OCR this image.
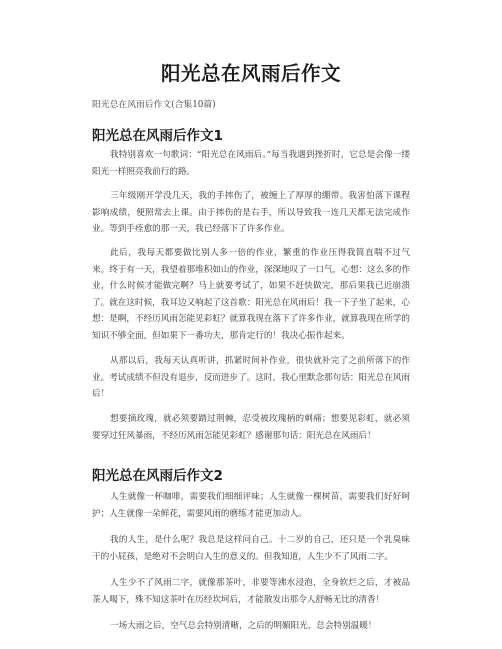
阳光总在风雨后作文
阳光总在风雨后作文(合集10篇)
阳光总在风雨后作文1

我特别喜欢一句歌词：“阳光总在风雨后。”每当我遇到挫折时，它总是会像一缕阳光一样照亮我前行的路。

三年级刚开学没几天，我的手摔伤了，被缠上了厚厚的绷带。我害怕落下课程影响成绩，便照常去上课。由于摔伤的是右手，所以导致我一连几天都无法完成作业。等到手痊愈的那一天，我已经落下了许多作业。

此后，我每天都要做比别人多一倍的作业，繁重的作业压得我简直喘不过气来。终于有一天，我望着那堆积如山的作业，深深地叹了一口气，心想：这么多的作业，什么时候才能做完啊？马上就要考试了，如果不赶快做完，那后果我已近崩溃了。就在这时候，我耳边又响起了这首歌：阳光总在风雨后！我一下子坐了起来，心想：是啊，不经历风雨怎能见彩虹？就算我现在落下了许多作业，就算我现在所学的知识不够全面，但如果下一番功夫，那肯定行的！我决心振作起来。

从那以后，我每天认真听讲，抓紧时间补作业，很快就补完了之前所落下的作业。考试成绩不但没有退步，反而进步了。这时，我心里默念那句话：阳光总在风雨后！

想要摘玫瑰，就必须要踏过荆棘，忍受被玫瑰柄的刺痛；想要见彩虹，就必须要穿过狂风暴雨，不经历风雨怎能见彩虹？感谢那句话：阳光总在风雨后！

阳光总在风雨后作文2

人生就像一杯咖啡，需要我们细细评味；人生就像一棵树苗，需要我们好好呵护；人生就像一朵鲜花，需要风雨的磨练才能更加动人。

我的人生，是什么呢？我总是这样问自己。十二岁的自己，还只是一个乳臭味干的小屁孩，是绝对不会明白人生的意义的。但我知道，人生少不了风雨二字。

人生少不了风雨二字，就像那茶叶，非要等沸水浸泡，全身软烂之后，才被品茶人喝下，殊不知这茶叶在历经坎坷后，才能散发出那令人舒畅无比的清香！

一场大雨之后，空气总会特别清晰，之后的明媚阳光，总会特别温暖！
